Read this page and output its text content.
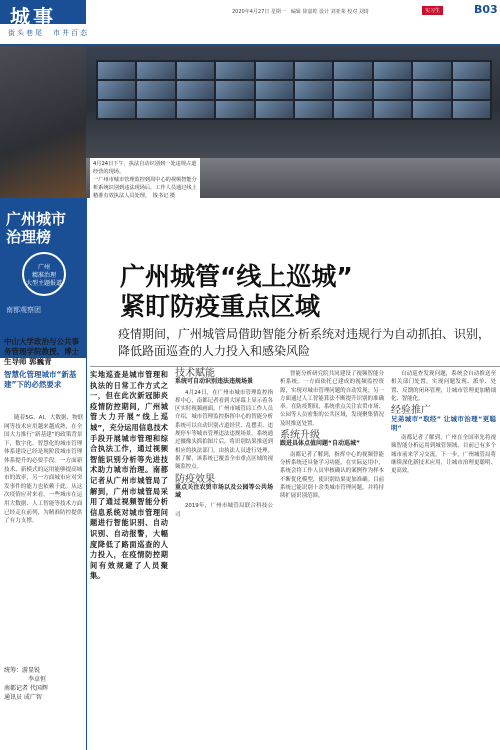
城事
街头巷尾　市井百态
2020年4月27日 星期一　编辑 徐嘉乾 设计 刘亚莱 校对 刘琦	实习生	B03
4月24日下午，执法自动识别到一处违规占道经营的现场。
一广州市城市管理监控到周中心的视频智能分析系统识别到违法现场后，工作人员通过线上精准有效执法人员处理。　钱书记 摄
广州城市
治理榜
广州
精准治理
大型主题报道
南都观察团
南都观察团
中山大学政治与公共事务管理学院教授、博士生导师 郭巍青
智慧化管理城市“新基建”下的必然要求
随着5G、AI、大数据、物联网等技术应用越来越成熟，在全国大力推行“新基建”的政策背景下，数字化、智慧化的城市管理体系建设已经是现阶段城市管理体系提升的必要手段。一方面新技术、新模式的运用能够提高城市的效率，另一方面城市应对突发事件的能力也依赖于此。从这次疫情应对来看，一些城市在运用大数据、人工智能等技术方面已经走在前列，为精准防控提供了有力支撑。
统筹：游显锐
李卓恒
南都记者 代国辉
通讯员 成广智
广州城管“线上巡城”
紧盯防疫重点区域
疫情期间，广州城管局借助智能分析系统对违规行为自动抓拍、识别，降低路面巡查的人力投入和感染风险
实地巡查是城市管理和执法的日常工作方式之一，但在此次新冠肺炎疫情防控期间，广州城管大力开展“线上巡城”，充分运用信息技术手段开展城市管理和综合执法工作，通过视频智能识别分析等先进技术助力城市治理。南都记者从广州市城管局了解到，广州市城管局采用了通过视频智能分析信息系统对城市管理问题进行智能识别、自动识别、自动报警，大幅度降低了路面巡查的人力投入，在疫情防控期间有效规避了人员聚集。
技术赋能
系统可自动识别违法违规场景
4月24日，在广州市城市管理监控指挥中心，南都记者看到大屏幕上显示着各区实时视频画面。广州市城管局工作人员介绍，城市管理监控指挥中心的智能分析系统可以自动识别占道经营、乱摆卖、违规停车等城市管理违法违规场景。系统通过摄像头抓拍图片后，将识别结果推送到相应的执法部门，由执法人员进行处理。据了解，该系统已覆盖全市重点区域的视频监控点。
防疫效果
重点关注农贸市场以及公园等公共场域
2019年，广州市城管局联合科技公司
智能分析研究院共同建设了视频智能分析系统。一方面依托已建成的视频监控资源，实现对城市管理问题的自动发现；另一方面通过人工智能算法不断提升识别的准确率。在防疫期间，系统重点关注农贸市场、公园等人员密集的公共区域，发现聚集情况及时推送处置。
系统升级
跟进具体点值问题“自动巡城”
南都记者了解到，指挥中心的视频智能分析系统还具备学习功能。在实际运用中，系统会将工作人员审核确认的案例作为样本不断优化模型，使识别结果更加准确。目前系统已能识别十余类城市管理问题，并将持续扩展识别范围。
自动巡查发现问题，系统会自动推送至相关部门处置，实现问题发现、派单、处置、反馈的闭环管理，让城市管理更加精细化、智能化。
经验推广
兄弟城市“取经” 让城市治理“更聪明”
南都记者了解到，广州在全国率先将视频智能分析运用到城管领域，目前已有多个城市前来学习交流。下一步，广州城管局将继续深化新技术应用，让城市治理更聪明、更高效。
